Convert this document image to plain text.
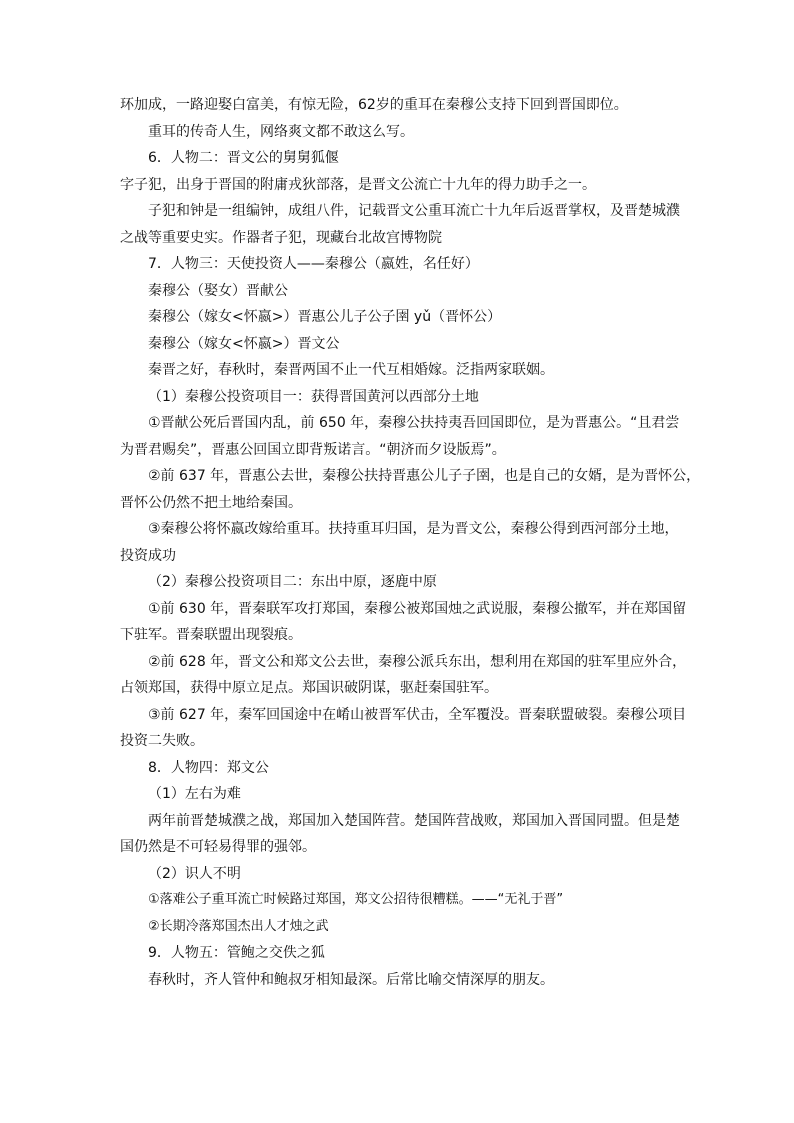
环加成，一路迎娶白富美，有惊无险，62岁的重耳在秦穆公支持下回到晋国即位。

重耳的传奇人生，网络爽文都不敢这么写。

6．人物二：晋文公的舅舅狐偃

字子犯，出身于晋国的附庸戎狄部落，是晋文公流亡十九年的得力助手之一。

子犯和钟是一组编钟，成组八件，记载晋文公重耳流亡十九年后返晋掌权，及晋楚城濮

之战等重要史实。作器者子犯，现藏台北故宫博物院

7．人物三：天使投资人——秦穆公（嬴姓，名任好）

秦穆公（娶女）晋献公

秦穆公（嫁女<怀嬴>）晋惠公儿子公子圉 yǔ（晋怀公）

秦穆公（嫁女<怀嬴>）晋文公

秦晋之好，春秋时，秦晋两国不止一代互相婚嫁。泛指两家联姻。

（1）秦穆公投资项目一：获得晋国黄河以西部分土地

①晋献公死后晋国内乱，前 650 年，秦穆公扶持夷吾回国即位，是为晋惠公。“且君尝

为晋君赐矣”，晋惠公回国立即背叛诺言。“朝济而夕设版焉”。

②前 637 年，晋惠公去世，秦穆公扶持晋惠公儿子子圉，也是自己的女婿，是为晋怀公，

晋怀公仍然不把土地给秦国。

③秦穆公将怀嬴改嫁给重耳。扶持重耳归国，是为晋文公，秦穆公得到西河部分土地，

投资成功

（2）秦穆公投资项目二：东出中原，逐鹿中原

①前 630 年，晋秦联军攻打郑国，秦穆公被郑国烛之武说服，秦穆公撤军，并在郑国留

下驻军。晋秦联盟出现裂痕。

②前 628 年，晋文公和郑文公去世，秦穆公派兵东出，想利用在郑国的驻军里应外合，

占领郑国，获得中原立足点。郑国识破阴谋，驱赶秦国驻军。

③前 627 年，秦军回国途中在崤山被晋军伏击，全军覆没。晋秦联盟破裂。秦穆公项目

投资二失败。

8．人物四：郑文公

（1）左右为难

两年前晋楚城濮之战，郑国加入楚国阵营。楚国阵营战败，郑国加入晋国同盟。但是楚

国仍然是不可轻易得罪的强邻。

（2）识人不明

①落难公子重耳流亡时候路过郑国，郑文公招待很糟糕。——“无礼于晋”

②长期冷落郑国杰出人才烛之武

9．人物五：管鲍之交佚之狐

春秋时，齐人管仲和鲍叔牙相知最深。后常比喻交情深厚的朋友。
